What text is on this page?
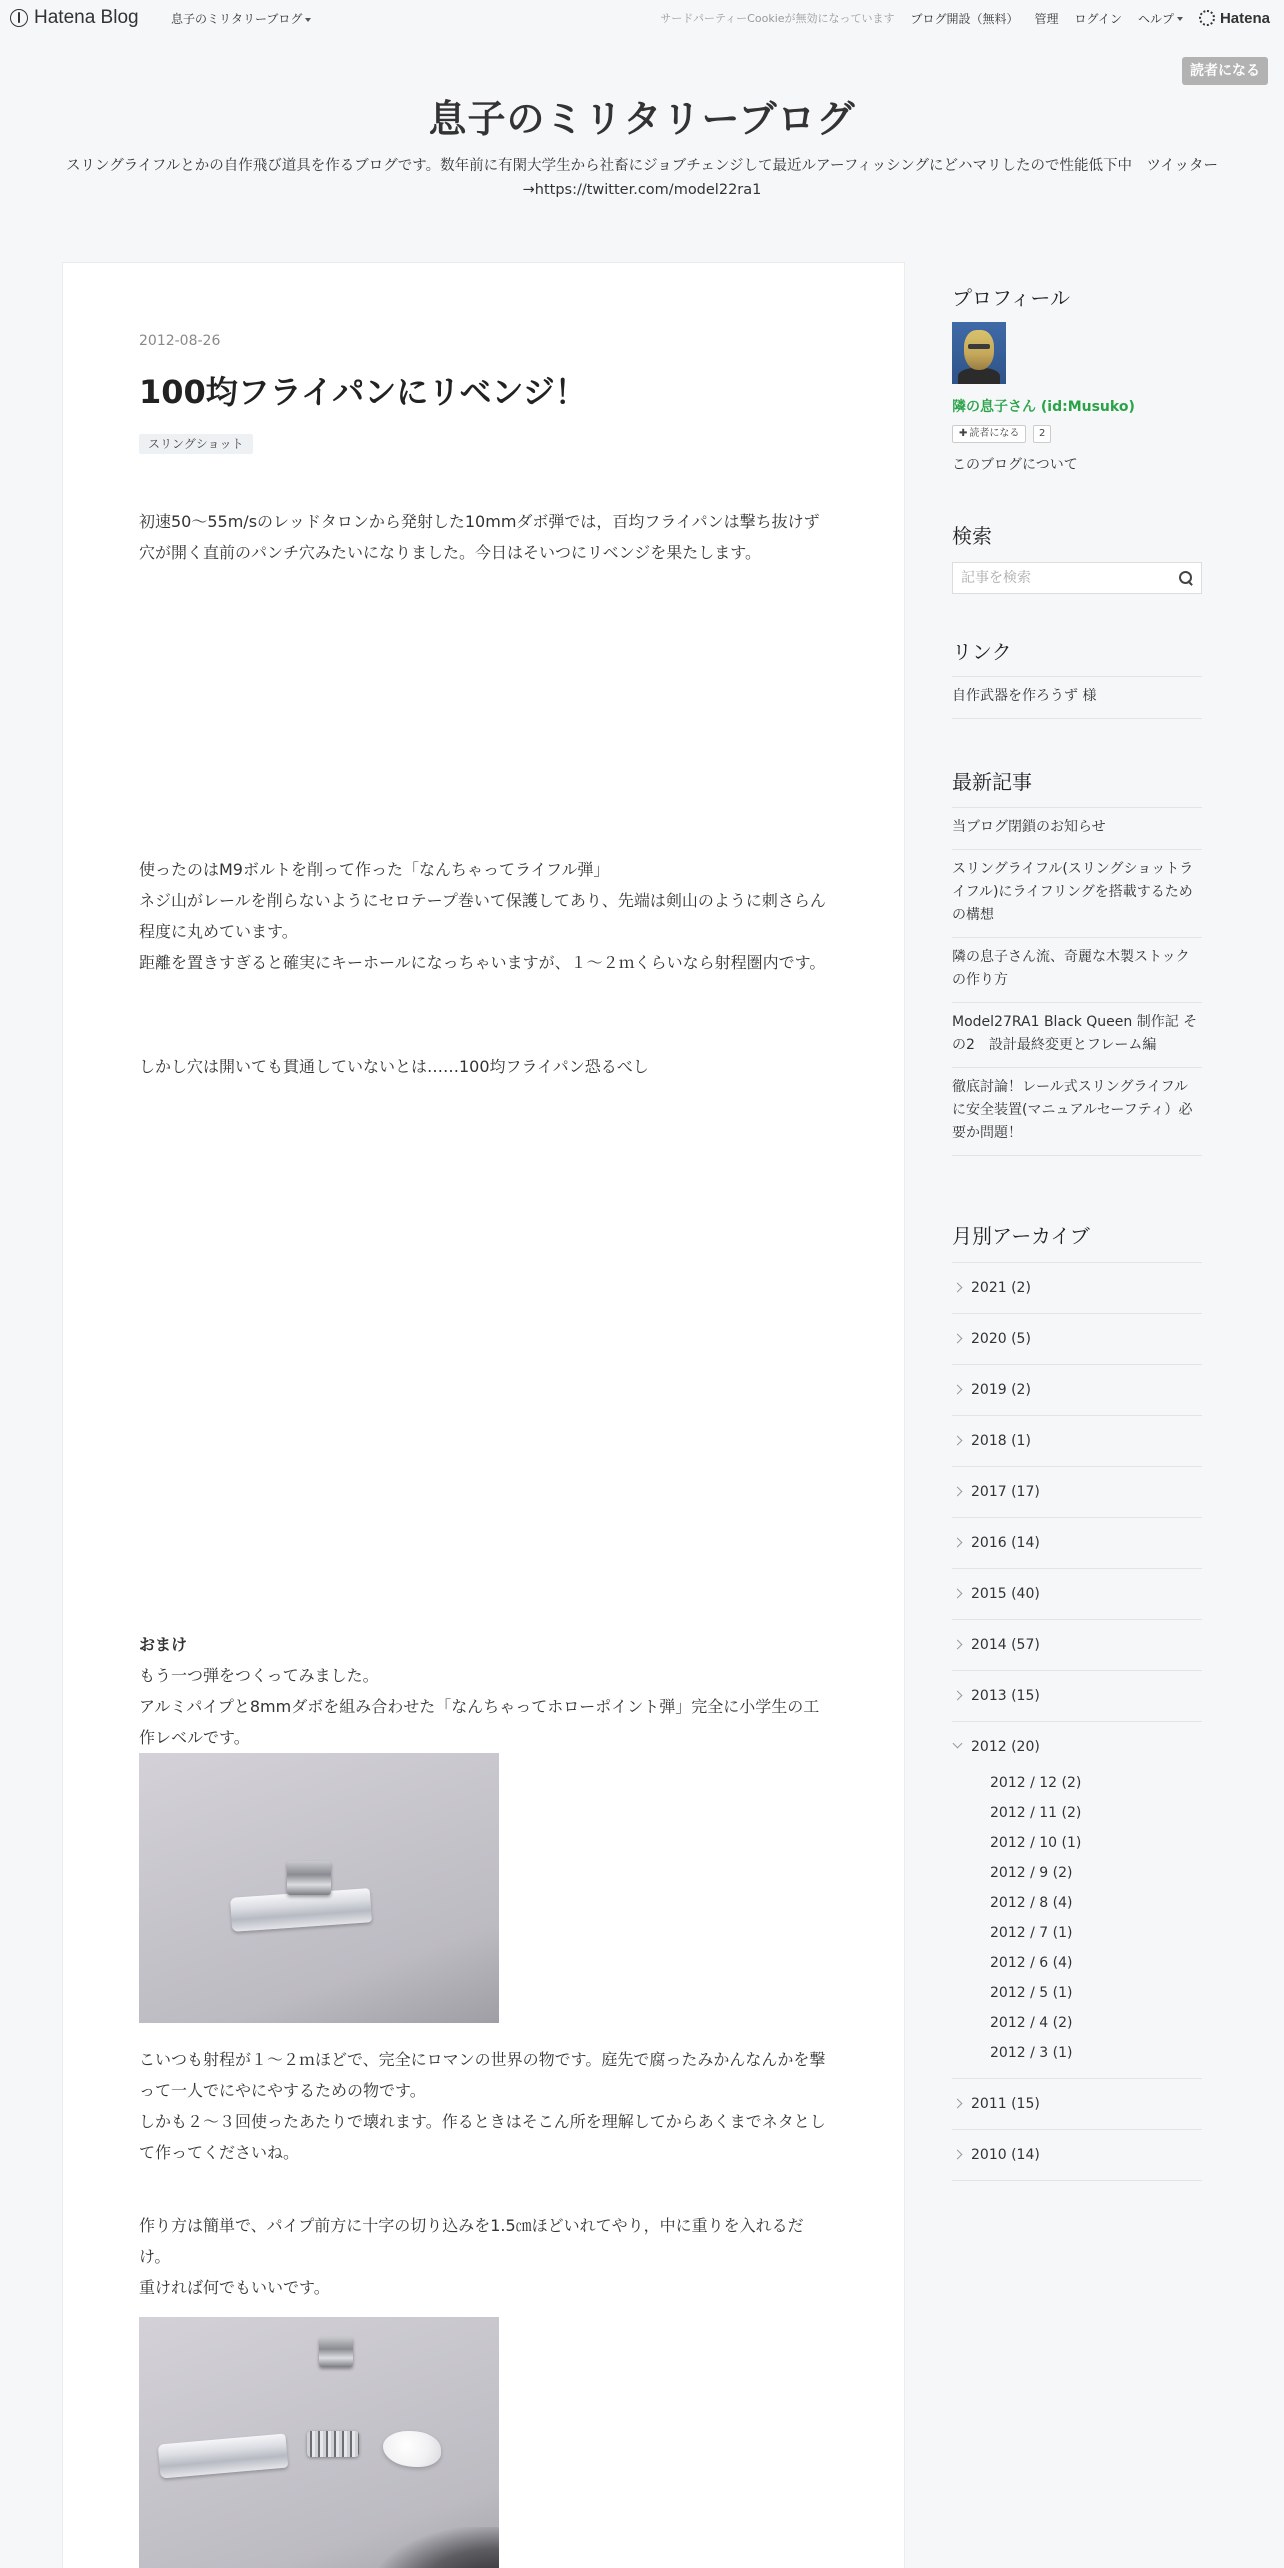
Hatena Blog	息子のミリタリーブログ	サードパーティーCookieが無効になっています ブログ開設（無料） 管理 ログイン ヘルプ	Hatena
読者になる
息子のミリタリーブログ

スリングライフルとかの自作飛び道具を作るブログです。数年前に有閑大学生から社畜にジョブチェンジして最近ルアーフィッシングにどハマリしたので性能低下中　ツイッター→https://twitter.com/model22ra1

2012-08-26
100均フライパンにリベンジ！
スリングショット

初速50〜55m/sのレッドタロンから発射した10mmダボ弾では，百均フライパンは撃ち抜けず穴が開く直前のパンチ穴みたいになりました。今日はそいつにリベンジを果たします。

使ったのはM9ボルトを削って作った「なんちゃってライフル弾」

ネジ山がレールを削らないようにセロテープ巻いて保護してあり、先端は剣山のように刺さらん程度に丸めています。

距離を置きすぎると確実にキーホールになっちゃいますが、１〜２ｍくらいなら射程圏内です。

しかし穴は開いても貫通していないとは……100均フライパン恐るべし

おまけ

もう一つ弾をつくってみました。

アルミパイプと8mmダボを組み合わせた「なんちゃってホローポイント弾」完全に小学生の工作レベルです。

こいつも射程が１〜２ｍほどで、完全にロマンの世界の物です。庭先で腐ったみかんなんかを撃って一人でにやにやするための物です。

しかも２〜３回使ったあたりで壊れます。作るときはそこん所を理解してからあくまでネタとして作ってくださいね。

作り方は簡単で、パイプ前方に十字の切り込みを1.5㎝ほどいれてやり，中に重りを入れるだけ。

重ければ何でもいいです。

プロフィール
隣の息子さん (id:Musuko)
✚ 読者になる	2
このブログについて
検索
記事を検索
リンク
自作武器を作ろうず 様
最新記事
当ブログ閉鎖のお知らせ
スリングライフル(スリングショットライフル)にライフリングを搭載するための構想
隣の息子さん流、奇麗な木製ストックの作り方
Model27RA1 Black Queen 制作記 その2　設計最終変更とフレーム編
徹底討論！レール式スリングライフルに安全装置(マニュアルセーフティ）必要か問題！
月別アーカイブ
2021 (2)
2020 (5)
2019 (2)
2018 (1)
2017 (17)
2016 (14)
2015 (40)
2014 (57)
2013 (15)
2012 (20)
2012 / 12 (2)
2012 / 11 (2)
2012 / 10 (1)
2012 / 9 (2)
2012 / 8 (4)
2012 / 7 (1)
2012 / 6 (4)
2012 / 5 (1)
2012 / 4 (2)
2012 / 3 (1)
2011 (15)
2010 (14)
